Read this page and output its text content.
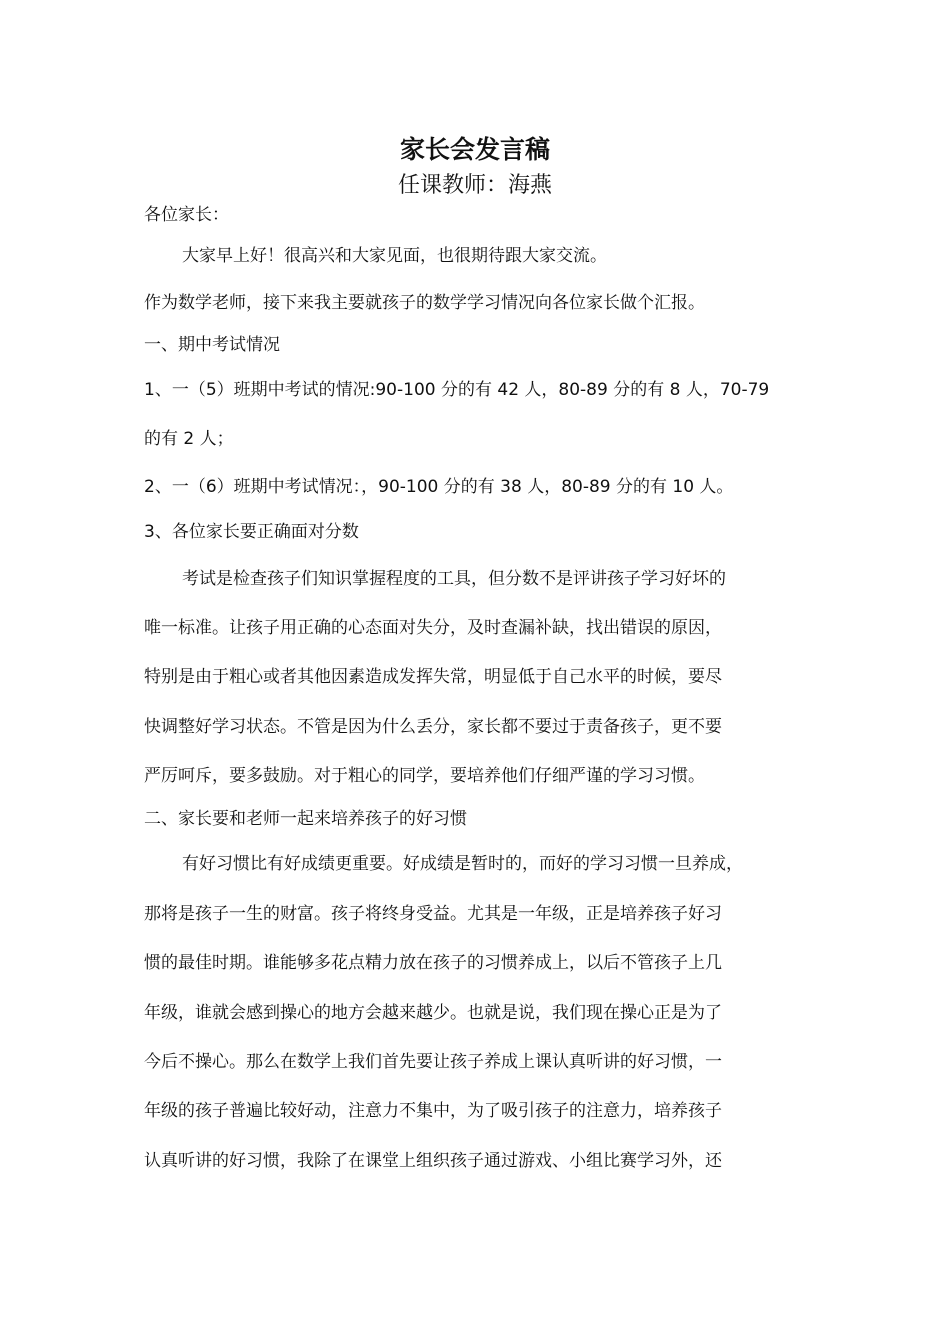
家长会发言稿
任课教师：海燕
各位家长：
大家早上好！很高兴和大家见面，也很期待跟大家交流。
作为数学老师，接下来我主要就孩子的数学学习情况向各位家长做个汇报。
一、期中考试情况
1、一（5）班期中考试的情况:90-100 分的有 42 人，80-89 分的有 8 人，70-79
的有 2 人；
2、一（6）班期中考试情况：，90-100 分的有 38 人，80-89 分的有 10 人。
3、各位家长要正确面对分数
考试是检查孩子们知识掌握程度的工具，但分数不是评讲孩子学习好坏的
唯一标准。让孩子用正确的心态面对失分，及时查漏补缺，找出错误的原因，
特别是由于粗心或者其他因素造成发挥失常，明显低于自己水平的时候，要尽
快调整好学习状态。不管是因为什么丢分，家长都不要过于责备孩子，更不要
严厉呵斥，要多鼓励。对于粗心的同学，要培养他们仔细严谨的学习习惯。
二、家长要和老师一起来培养孩子的好习惯
有好习惯比有好成绩更重要。好成绩是暂时的，而好的学习习惯一旦养成，
那将是孩子一生的财富。孩子将终身受益。尤其是一年级，正是培养孩子好习
惯的最佳时期。谁能够多花点精力放在孩子的习惯养成上，以后不管孩子上几
年级，谁就会感到操心的地方会越来越少。也就是说，我们现在操心正是为了
今后不操心。那么在数学上我们首先要让孩子养成上课认真听讲的好习惯，一
年级的孩子普遍比较好动，注意力不集中，为了吸引孩子的注意力，培养孩子
认真听讲的好习惯，我除了在课堂上组织孩子通过游戏、小组比赛学习外，还
